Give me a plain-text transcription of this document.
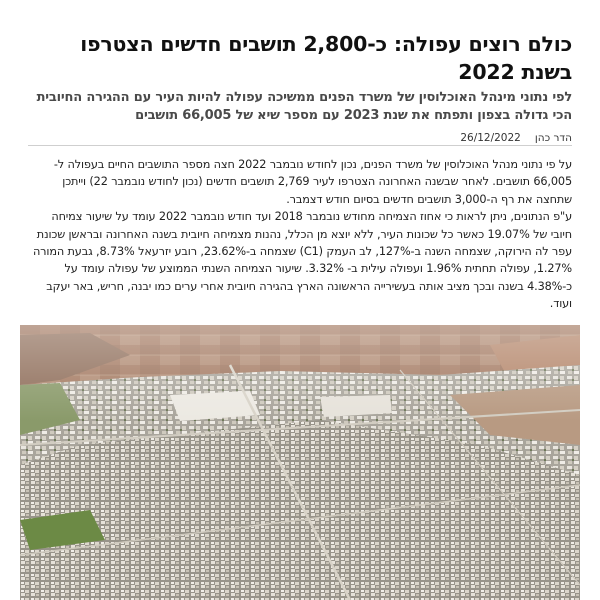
כולם רוצים עפולה: כ-2,800 תושבים חדשים הצטרפו בשנת 2022
לפי נתוני מינהל האוכלוסין של משרד הפנים ממשיכה עפולה להיות העיר עם ההגירה החיובית הכי גדולה בצפון ותפתח את שנת 2023 עם מספר שיא של 66,005 תושבים
הדר כהן
26/12/2022

על פי נתוני מנהל האוכלוסין של משרד הפנים, נכון לחודש נובמבר 2022 חצה מספר התושבים החיים בעפולה ל- 66,005 תושבים. לאחר שבשנה האחרונה הצטרפו לעיר 2,769 תושבים חדשים (נכון לחודש נובמבר 22) וייתכן שתחצה את רף ה-3,000 תושבים חדשים בסיום חודש דצמבר.

ע"פ הנתונים, ניתן לראות כי אחוז הצמיחה מחודש נובמבר 2018 ועד חודש נובמבר 2022 עומד על שיעור צמיחה חיובי של 19.07% כאשר כל שכונות העיר, ללא יוצא מן הכלל, נהנות מצמיחה חיובית בשנה האחרונה ובראשן שכונת עפר לה הירוקה, שצמחה השנה ב-127%, לב העמק (C1) שצמחה ב-23.62%, רובע יזרעאל 8.73%, גבעת המורה 1.27%, עפולה תחתית 1.96% ועפולה עילית ב- 3.32%. שיעור הצמיחה השנתי הממוצע של עפולה עומד על כ-4.38% בשנה ובכך מציב אותה בעשירייה הראשונה הארץ בהגירה חיובית אחרי ערים כמו יבנה, חריש, באר יעקב ועוד.
